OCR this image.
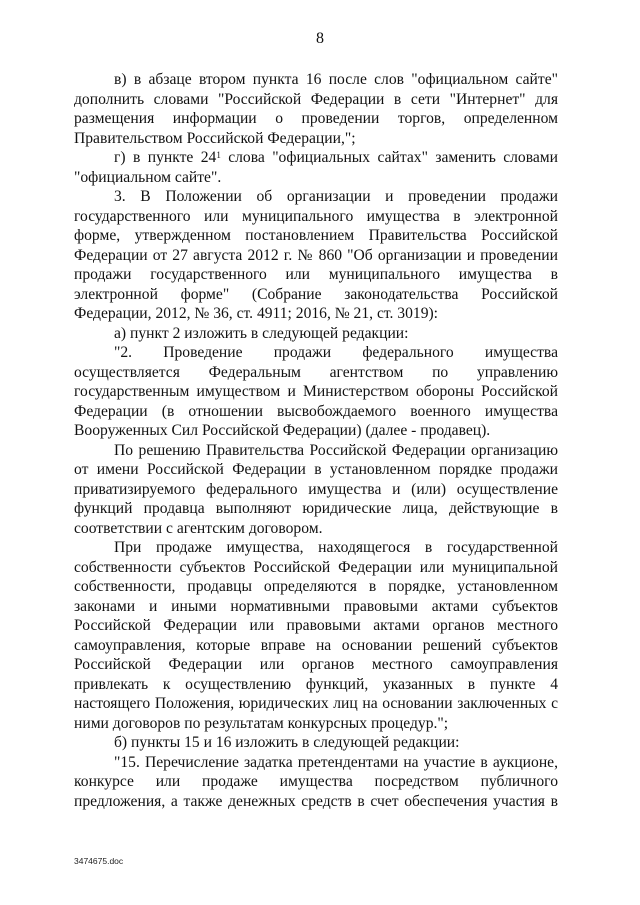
8

в) в абзаце втором пункта 16 после слов "официальном сайте" дополнить словами "Российской Федерации в сети "Интернет" для размещения информации о проведении торгов, определенном Правительством Российской Федерации,";

г) в пункте $24^1$ слова "официальных сайтах" заменить словами "официальном сайте".

3. В Положении об организации и проведении продажи государственного или муниципального имущества в электронной форме, утвержденном постановлением Правительства Российской Федерации от 27 августа 2012 г. № 860 "Об организации и проведении продажи государственного или муниципального имущества в электронной форме" (Собрание законодательства Российской Федерации, 2012, № 36, ст. 4911; 2016, № 21, ст. 3019):

а) пункт 2 изложить в следующей редакции:

"2. Проведение продажи федерального имущества осуществляется Федеральным агентством по управлению государственным имуществом и Министерством обороны Российской Федерации (в отношении высвобождаемого военного имущества Вооруженных Сил Российской Федерации) (далее - продавец).

По решению Правительства Российской Федерации организацию от имени Российской Федерации в установленном порядке продажи приватизируемого федерального имущества и (или) осуществление функций продавца выполняют юридические лица, действующие в соответствии с агентским договором.

При продаже имущества, находящегося в государственной собственности субъектов Российской Федерации или муниципальной собственности, продавцы определяются в порядке, установленном законами и иными нормативными правовыми актами субъектов Российской Федерации или правовыми актами органов местного самоуправления, которые вправе на основании решений субъектов Российской Федерации или органов местного самоуправления привлекать к осуществлению функций, указанных в пункте 4 настоящего Положения, юридических лиц на основании заключенных с ними договоров по результатам конкурсных процедур.";

б) пункты 15 и 16 изложить в следующей редакции:

"15. Перечисление задатка претендентами на участие в аукционе, конкурсе или продаже имущества посредством публичного предложения, а также денежных средств в счет обеспечения участия в

3474675.doc
